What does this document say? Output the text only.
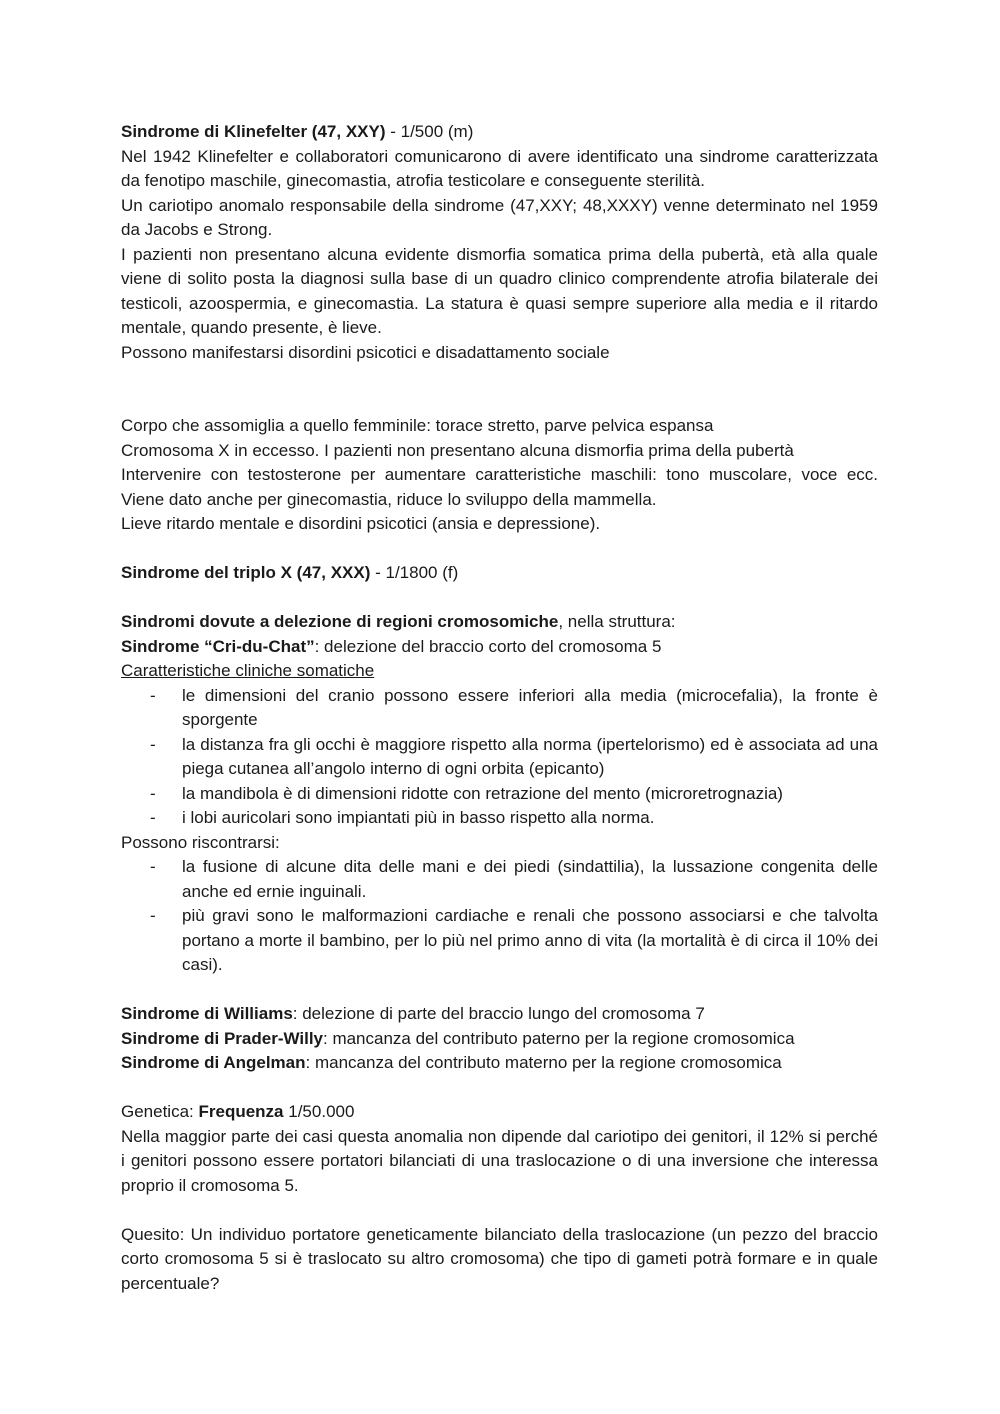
Sindrome di Klinefelter (47, XXY) - 1/500 (m)

Nel 1942 Klinefelter e collaboratori comunicarono di avere identificato una sindrome caratterizzata da fenotipo maschile, ginecomastia, atrofia testicolare e conseguente sterilità.

Un cariotipo anomalo responsabile della sindrome (47,XXY; 48,XXXY) venne determinato nel 1959 da Jacobs e Strong.

I pazienti non presentano alcuna evidente dismorfia somatica prima della pubertà, età alla quale viene di solito posta la diagnosi sulla base di un quadro clinico comprendente atrofia bilaterale dei testicoli, azoospermia, e ginecomastia. La statura è quasi sempre superiore alla media e il ritardo mentale, quando presente, è lieve.

Possono manifestarsi disordini psicotici e disadattamento sociale

Corpo che assomiglia a quello femminile: torace stretto, parve pelvica espansa

Cromosoma X in eccesso. I pazienti non presentano alcuna dismorfia prima della pubertà

Intervenire con testosterone per aumentare caratteristiche maschili: tono muscolare, voce ecc. Viene dato anche per ginecomastia, riduce lo sviluppo della mammella.

Lieve ritardo mentale e disordini psicotici (ansia e depressione).

Sindrome del triplo X (47, XXX) - 1/1800 (f)

Sindromi dovute a delezione di regioni cromosomiche, nella struttura:

Sindrome “Cri-du-Chat”: delezione del braccio corto del cromosoma 5

Caratteristiche cliniche somatiche

- le dimensioni del cranio possono essere inferiori alla media (microcefalia), la fronte è sporgente
- la distanza fra gli occhi è maggiore rispetto alla norma (ipertelorismo) ed è associata ad una piega cutanea all’angolo interno di ogni orbita (epicanto)
- la mandibola è di dimensioni ridotte con retrazione del mento (microretrognazia)
- i lobi auricolari sono impiantati più in basso rispetto alla norma.

Possono riscontrarsi:

- la fusione di alcune dita delle mani e dei piedi (sindattilia), la lussazione congenita delle anche ed ernie inguinali.
- più gravi sono le malformazioni cardiache e renali che possono associarsi e che talvolta portano a morte il bambino, per lo più nel primo anno di vita (la mortalità è di circa il 10% dei casi).

Sindrome di Williams: delezione di parte del braccio lungo del cromosoma 7

Sindrome di Prader-Willy: mancanza del contributo paterno per la regione cromosomica

Sindrome di Angelman: mancanza del contributo materno per la regione cromosomica

Genetica: Frequenza 1/50.000

Nella maggior parte dei casi questa anomalia non dipende dal cariotipo dei genitori, il 12% si perché i genitori possono essere portatori bilanciati di una traslocazione o di una inversione che interessa proprio il cromosoma 5.

Quesito: Un individuo portatore geneticamente bilanciato della traslocazione (un pezzo del braccio corto cromosoma 5 si è traslocato su altro cromosoma) che tipo di gameti potrà formare e in quale percentuale?
